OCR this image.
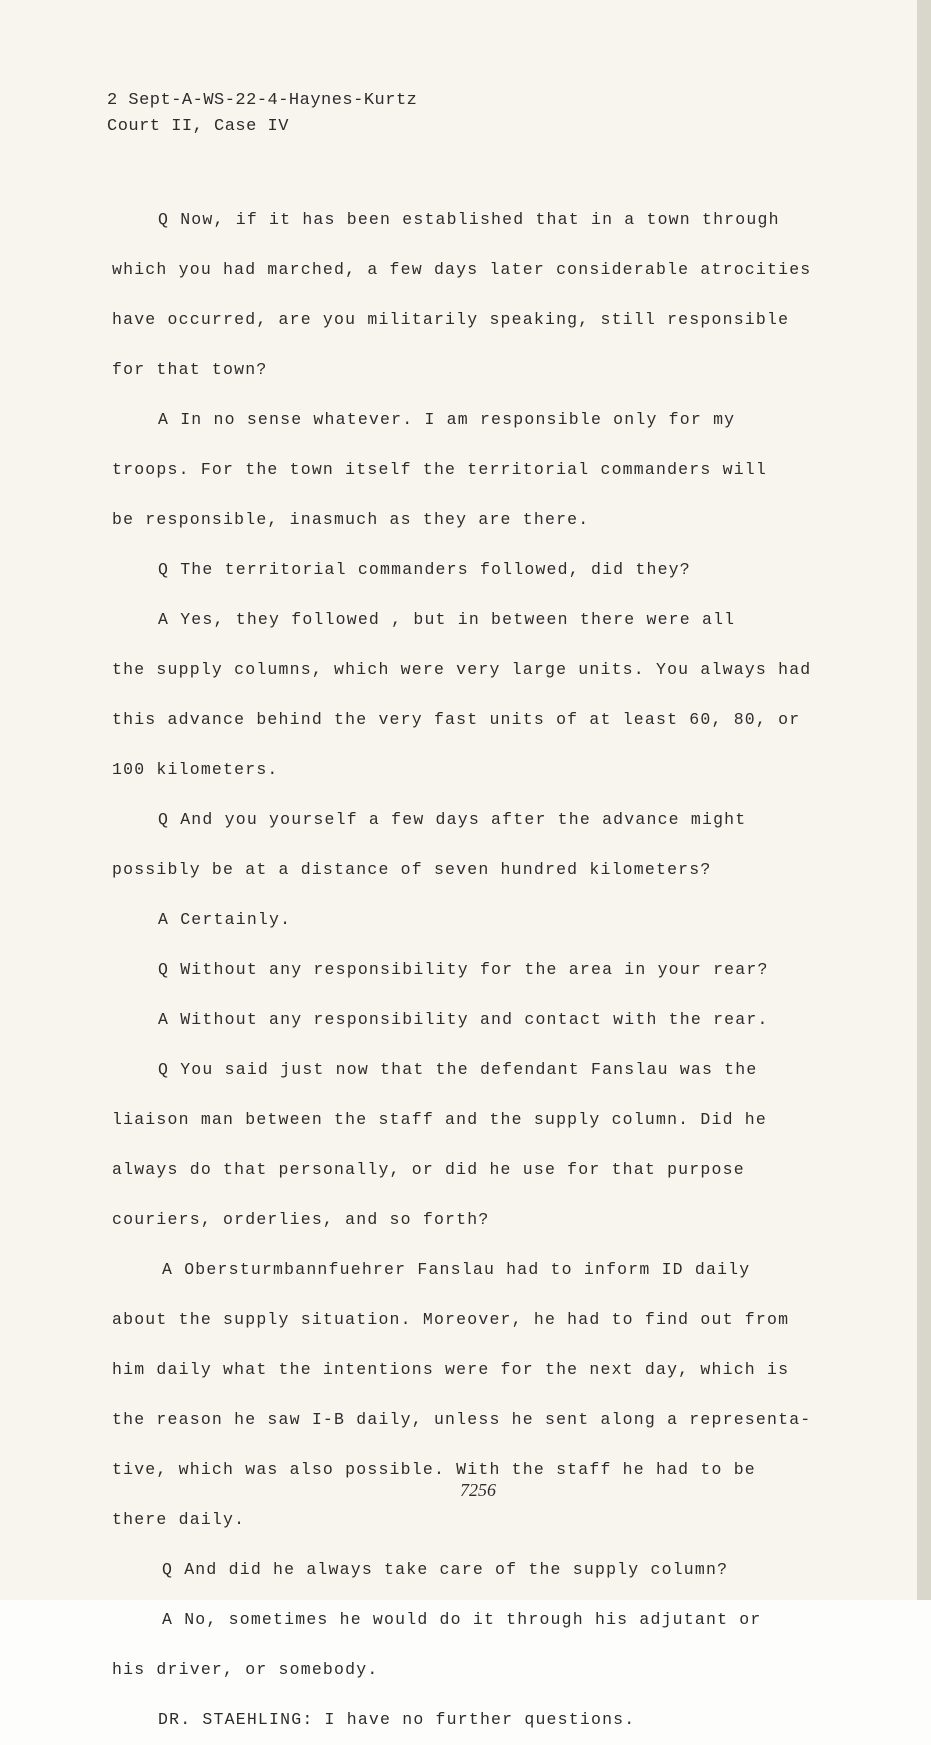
2 Sept-A-WS-22-4-Haynes-Kurtz
Court II, Case IV
Q Now, if it has been established that in a town through
which you had marched, a few days later considerable atrocities
have occurred, are you militarily speaking, still responsible
for that town?
A In no sense whatever. I am responsible only for my
troops. For the town itself the territorial commanders will
be responsible, inasmuch as they are there.
Q The territorial commanders followed, did they?
A Yes, they followed , but in between there were all
the supply columns, which were very large units. You always had
this advance behind the very fast units of at least 60, 80, or
100 kilometers.
Q And you yourself a few days after the advance might
possibly be at a distance of seven hundred kilometers?
A Certainly.
Q Without any responsibility for the area in your rear?
A Without any responsibility and contact with the rear.
Q You said just now that the defendant Fanslau was the
liaison man between the staff and the supply column. Did he
always do that personally, or did he use for that purpose
couriers, orderlies, and so forth?
A Obersturmbannfuehrer Fanslau had to inform ID daily
about the supply situation. Moreover, he had to find out from
him daily what the intentions were for the next day, which is
the reason he saw I-B daily, unless he sent along a representa-
tive, which was also possible. With the staff he had to be
there daily.
Q And did he always take care of the supply column?
A No, sometimes he would do it through his adjutant or
his driver, or somebody.
DR. STAEHLING: I have no further questions.
7256
